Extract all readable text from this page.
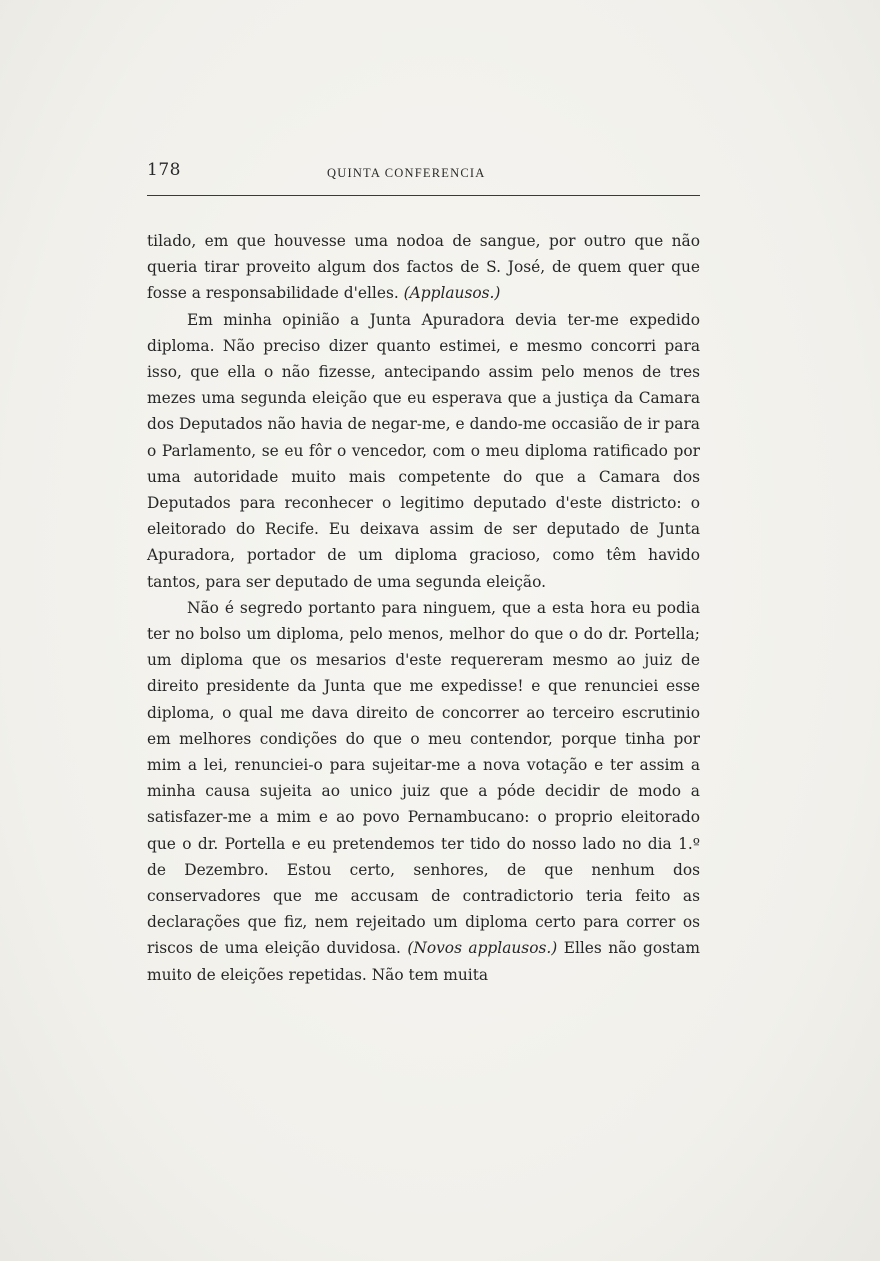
178	QUINTA CONFERENCIA

tilado, em que houvesse uma nodoa de sangue, por outro que não queria tirar proveito algum dos factos de S. José, de quem quer que fosse a responsabilidade d'elles. (Applausos.)

Em minha opinião a Junta Apuradora devia ter-me expedido diploma. Não preciso dizer quanto estimei, e mesmo concorri para isso, que ella o não fizesse, antecipando assim pelo menos de tres mezes uma segunda eleição que eu esperava que a justiça da Camara dos Deputados não havia de negar-me, e dando-me occasião de ir para o Parlamento, se eu fôr o vencedor, com o meu diploma ratificado por uma autoridade muito mais competente do que a Camara dos Deputados para reconhecer o legitimo deputado d'este districto: o eleitorado do Recife. Eu deixava assim de ser deputado de Junta Apuradora, portador de um diploma gracioso, como têm havido tantos, para ser deputado de uma segunda eleição.

Não é segredo portanto para ninguem, que a esta hora eu podia ter no bolso um diploma, pelo menos, melhor do que o do dr. Portella; um diploma que os mesarios d'este requereram mesmo ao juiz de direito presidente da Junta que me expedisse! e que renunciei esse diploma, o qual me dava direito de concorrer ao terceiro escrutinio em melhores condições do que o meu contendor, porque tinha por mim a lei, renunciei-o para sujeitar-me a nova votação e ter assim a minha causa sujeita ao unico juiz que a póde decidir de modo a satisfazer-me a mim e ao povo Pernambucano: o proprio eleitorado que o dr. Portella e eu pretendemos ter tido do nosso lado no dia 1.º de Dezembro. Estou certo, senhores, de que nenhum dos conservadores que me accusam de contradictorio teria feito as declarações que fiz, nem rejeitado um diploma certo para correr os riscos de uma eleição duvidosa. (Novos applausos.) Elles não gostam muito de eleições repetidas. Não tem muita
